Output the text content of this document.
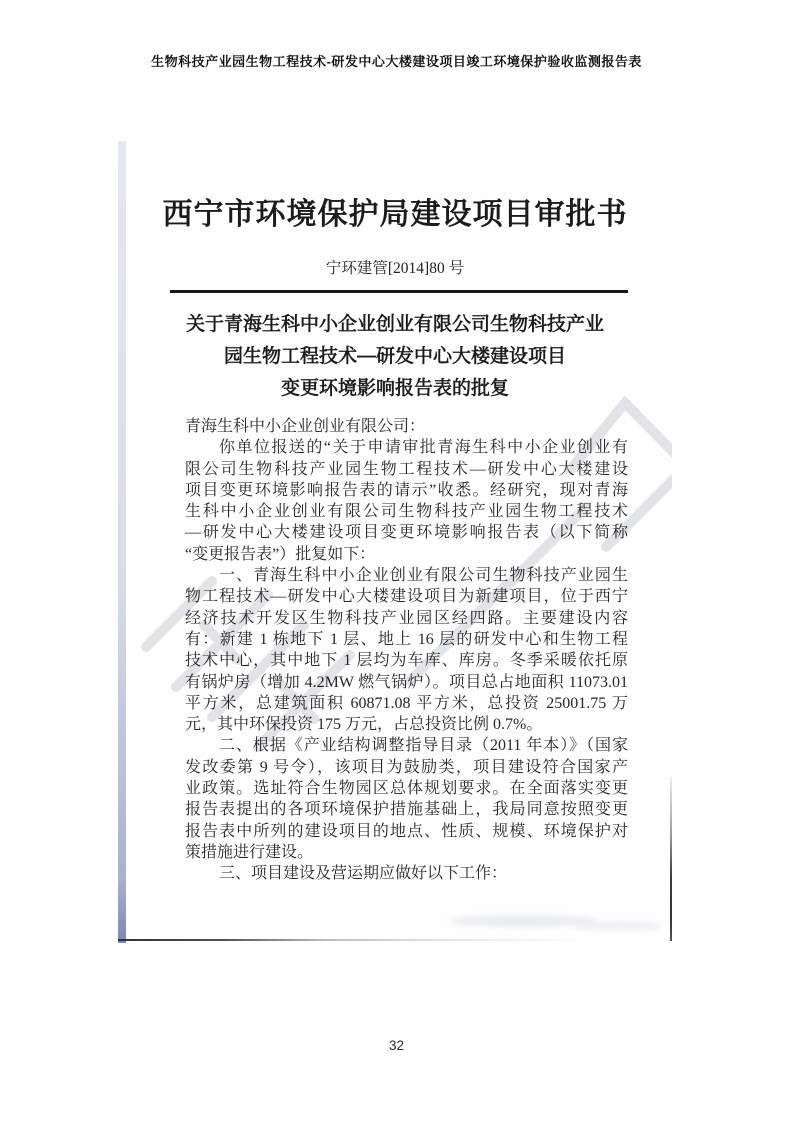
生物科技产业园生物工程技术-研发中心大楼建设项目竣工环境保护验收监测报告表
西宁市环境保护局建设项目审批书
宁环建管[2014]80 号
关于青海生科中小企业创业有限公司生物科技产业
园生物工程技术—研发中心大楼建设项目
变更环境影响报告表的批复
青海生科中小企业创业有限公司：
你单位报送的“关于申请审批青海生科中小企业创业有
限公司生物科技产业园生物工程技术—研发中心大楼建设
项目变更环境影响报告表的请示”收悉。经研究，现对青海
生科中小企业创业有限公司生物科技产业园生物工程技术
—研发中心大楼建设项目变更环境影响报告表（以下简称
“变更报告表”）批复如下：
一、青海生科中小企业创业有限公司生物科技产业园生
物工程技术—研发中心大楼建设项目为新建项目，位于西宁
经济技术开发区生物科技产业园区经四路。主要建设内容
有：新建 1 栋地下 1 层、地上 16 层的研发中心和生物工程
技术中心，其中地下 1 层均为车库、库房。冬季采暖依托原
有锅炉房（增加 4.2MW 燃气锅炉）。项目总占地面积 11073.01
平方米，总建筑面积 60871.08 平方米，总投资 25001.75 万
元，其中环保投资 175 万元，占总投资比例 0.7%。
二、根据《产业结构调整指导目录（2011 年本）》（国家
发改委第 9 号令），该项目为鼓励类，项目建设符合国家产
业政策。选址符合生物园区总体规划要求。在全面落实变更
报告表提出的各项环境保护措施基础上，我局同意按照变更
报告表中所列的建设项目的地点、性质、规模、环境保护对
策措施进行建设。
三、项目建设及营运期应做好以下工作：
32
